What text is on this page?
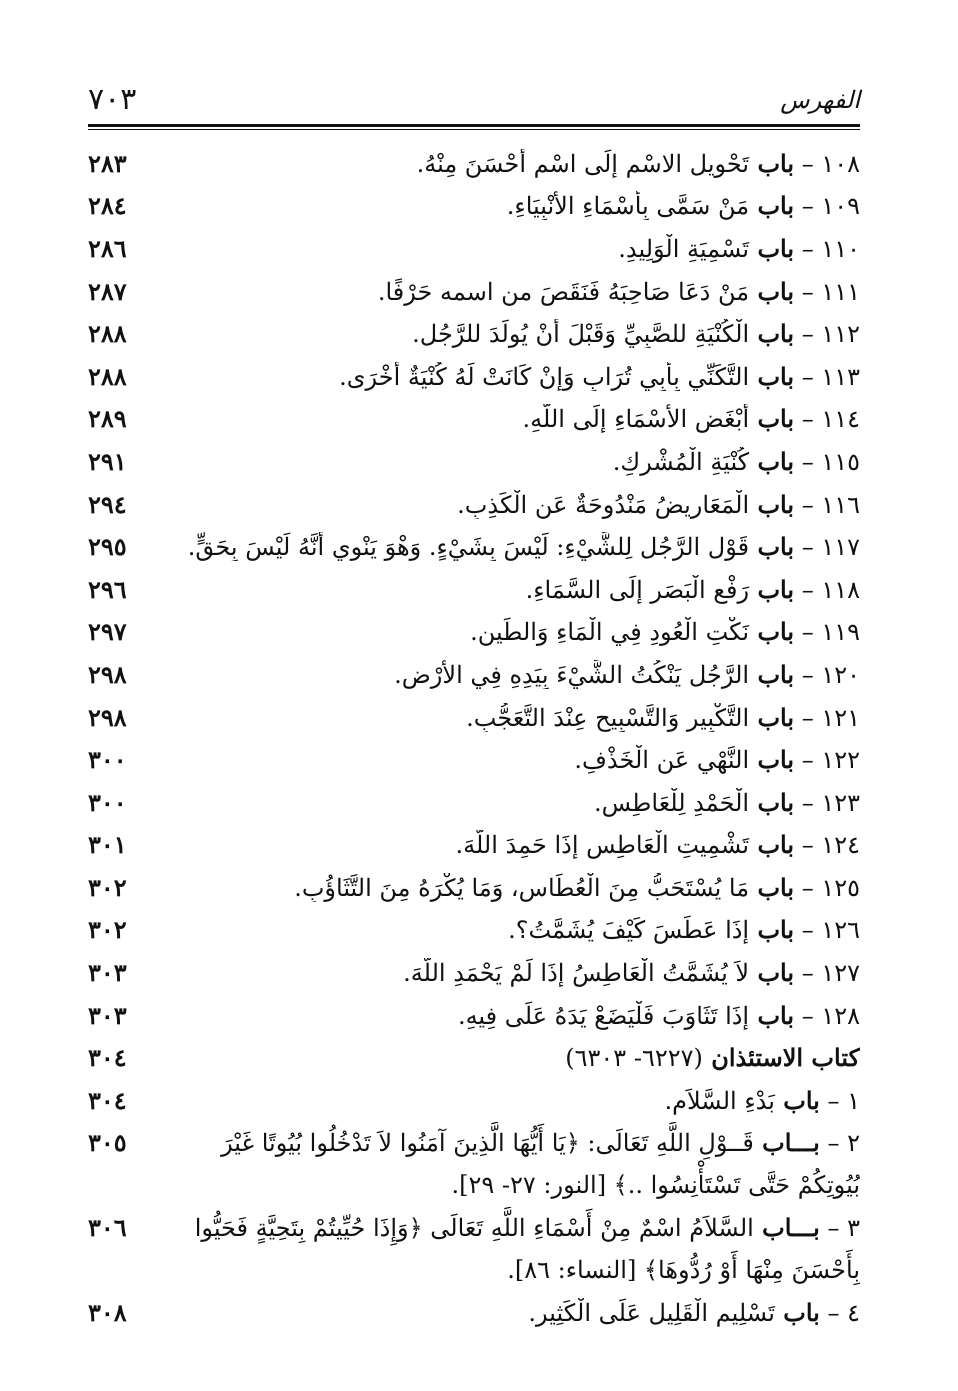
الفهرس
٧٠٣
١٠٨ – باب تَحْوِيلِ الاسْمِ إِلَى اسْمٍ أَحْسَنَ مِنْهُ.
٢٨٣
١٠٩ – باب مَنْ سَمَّى بِأَسْمَاءِ الأَنْبِيَاءِ.
٢٨٤
١١٠ – باب تَسْمِيَةِ الْوَلِيدِ.
٢٨٦
١١١ – باب مَنْ دَعَا صَاحِبَهُ فَنَقَصَ من اسمه حَرْفًا.
٢٨٧
١١٢ – باب الْكُنْيَةِ للصَّبِيِّ وَقَبْلَ أَنْ يُولَدَ للرَّجُلِ.
٢٨٨
١١٣ – باب التَّكَنِّي بِأَبِي تُرَابٍ وَإِنْ كَانَتْ لَهُ كُنْيَةٌ أُخْرَى.
٢٨٨
١١٤ – باب أَبْغَضِ الأَسْمَاءِ إِلَى اللَّهِ.
٢٨٩
١١٥ – باب كُنْيَةِ الْمُشْرِكِ.
٢٩١
١١٦ – باب الْمَعَارِيضُ مَنْدُوحَةٌ عَنِ الْكَذِبِ.
٢٩٤
١١٧ – باب قَوْلِ الرَّجُلِ لِلشَّيْءِ: لَيْسَ بِشَيْءٍ. وَهْوَ يَنْوِي أَنَّهُ لَيْسَ بِحَقٍّ.
٢٩٥
١١٨ – باب رَفْعِ الْبَصَرِ إِلَى السَّمَاءِ.
٢٩٦
١١٩ – باب نَكْتِ الْعُودِ فِي الْمَاءِ وَالطِّينِ.
٢٩٧
١٢٠ – باب الرَّجُلِ يَنْكُتُ الشَّيْءَ بِيَدِهِ فِي الأَرْضِ.
٢٩٨
١٢١ – باب التَّكْبِيرِ وَالتَّسْبِيحِ عِنْدَ التَّعَجُّبِ.
٢٩٨
١٢٢ – باب النَّهْيِ عَنِ الْخَذْفِ.
٣٠٠
١٢٣ – باب الْحَمْدِ لِلْعَاطِسِ.
٣٠٠
١٢٤ – باب تَشْمِيتِ الْعَاطِسِ إِذَا حَمِدَ اللَّهَ.
٣٠١
١٢٥ – باب مَا يُسْتَحَبُّ مِنَ الْعُطَاسِ، وَمَا يُكْرَهُ مِنَ التَّثَاؤُبِ.
٣٠٢
١٢٦ – باب إِذَا عَطَسَ كَيْفَ يُشَمَّتُ؟.
٣٠٢
١٢٧ – باب لاَ يُشَمَّتُ الْعَاطِسُ إِذَا لَمْ يَحْمَدِ اللَّهَ.
٣٠٣
١٢٨ – باب إِذَا تَثَاوَبَ فَلْيَضَعْ يَدَهُ عَلَى فِيهِ.
٣٠٣
كتاب الاستئذان (٦٢٢٧- ٦٣٠٣)
٣٠٤
١ – باب بَدْءِ السَّلاَمِ.
٣٠٤
٢ – بـــاب قَــوْلِ اللَّهِ تَعَالَى: ﴿يَا أَيُّهَا الَّذِينَ آمَنُوا لاَ تَدْخُلُوا بُيُوتًا غَيْرَ بُيُوتِكُمْ حَتَّى تَسْتَأْنِسُوا ..﴾ [النور: ٢٧- ٢٩].
٣٠٥
٣ – بـــاب السَّلاَمُ اسْمٌ مِنْ أَسْمَاءِ اللَّهِ تَعَالَى ﴿وَإِذَا حُيِّيتُمْ بِتَحِيَّةٍ فَحَيُّوا بِأَحْسَنَ مِنْهَا أَوْ رُدُّوهَا﴾ [النساء: ٨٦].
٣٠٦
٤ – باب تَسْلِيمِ الْقَلِيلِ عَلَى الْكَثِيرِ.
٣٠٨
